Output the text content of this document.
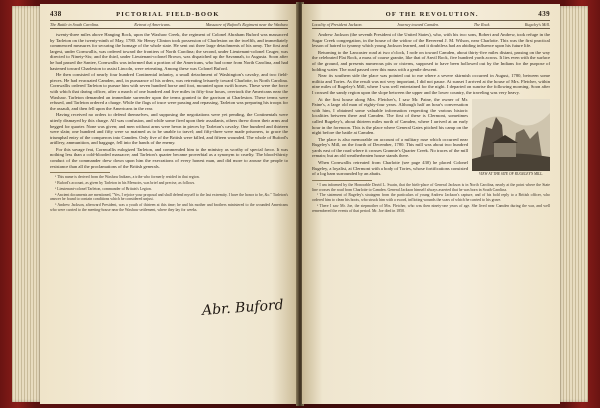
438	PICTORIAL FIELD-BOOK
The Battle in South Carolina.	Retreat of Americans.	Massacre of Buford's Regiment near the Waxhaw

twenty-three miles above Hanging Rock, upon the Waxhaw Creek, the regiment of Colonel Abraham Buford was massacred by Tarleton on the twenty-ninth of May, 1780. Sir Henry Clinton took possession of Charleston on the twelfth, and immediately commenced measures for securing the homage of the whole state. He sent out three large detachments of his army. The first and largest, under Cornwallis, was ordered toward the frontiers of North Carolina; the second, under Lieutenant-colonel Cruger, was directed to Ninety-Six; and the third, under Lieutenant-colonel Brown, was dispatched up the Savannah, to Augusta. Soon after he had passed the Santee, Cornwallis was informed that a portion of the Americans, who had come from North Carolina, and had hastened toward Charleston to assist Lincoln, were retreating. Among these was Colonel Buford.

He then consisted of nearly four hundred Continental infantry, a small detachment of Washington's cavalry, and two field-pieces. He had evacuated Camden, and, in pursuance of his orders, was retreating leisurely toward Charlotte, in North Carolina. Cornwallis ordered Tarleton to pursue him with seven hundred horse and foot, mounted upon swift horses. These were the force with which that daring officer, after a march of one hundred and five miles in fifty-four hours, overtook the Americans near the Waxhaw. Tarleton demanded an immediate surrender upon the terms granted to the garrison at Charleston. These terms were refused, and Tarleton ordered a charge. While the flags of truce were passing and repassing, Tarleton was preparing his troops for the assault, and then fell upon the Americans in the rear.

Having received no orders to defend themselves, and supposing the negotiations were yet pending, the Continentals were utterly dismayed by this charge. All was confusion, and while some fired upon their assailants, others threw down their arms and begged for quarter. None was given; and men without arms were hewn in pieces by Tarleton's cavalry. One hundred and thirteen were slain; one hundred and fifty were so maimed as to be unable to travel; and fifty-three were made prisoners, to grace the triumphal entry of the conquerors into Camden. Only five of the British were killed, and fifteen wounded. The whole of Buford's artillery, ammunition, and baggage, fell into the hands of the enemy.

For this savage feat, Cornwallis eulogized Tarleton, and commended him to the ministry as worthy of special favor. It was nothing less than a cold-blooded massacre; and Tarleton's quarter became proverbial as a synonym to cruelty. The blood-thirsty conduct of the commander drew down upon him the execrations of every honest man, and did more to arouse the people to resistance than all the proclamations of the British generals.

¹ This name is derived from the Waxhaw Indians, a tribe who formerly resided in that region.

² Buford's account, as given by Tarleton in his Memoirs, was brief and precise, as follows.

³ Lieutenant-colonel Tarleton, commander of Britain's Legion.

⁴ Ancient documents are mentioned, "Yes, I rejoice your proposal and shall defend myself to the last extremity. I have the honor to be, &c." Tarleton's answer he found to contain conditions which he considered unjust.

⁵ Andrew Jackson, afterward President, was a youth of thirteen at this time; he and his mother and brothers ministered to the wounded Americans who were carried to the meeting-house near the Waxhaw settlement, where they lay for weeks.

Abr. Buford
OF THE REVOLUTION.	439
Locality of President Jackson.	Journey toward Camden.	The Rock.	Rugeley's Mill.

Andrew Jackson (the seventh President of the United States), who, with his two sons, Robert and Andrew, took refuge in the Sugar Creek congregation, in the house of the widow of the Reverend J. M. Wilson, near Charlotte. This was the first practical lesson of hatred to tyranny which young Jackson learned, and it doubtless had an abiding influence upon his future life.

Returning to the Lancaster road at two o'clock, I rode on toward Camden, about thirty-five miles distant, passing on the way the celebrated Flat Rock, a mass of coarse granite, like that of Anvil Rock, five hundred yards across. It lies even with the surface of the ground, and presents numerous pits or cisterns, supposed to have been hollowed out by the Indians for the purpose of holding water. The road passed over this mass with a gentle descent.

Near its southern side the place was pointed out to me where a severe skirmish occurred in August, 1780, between some militia and Tories. As the result was not very important, I did not pause. At sunset I arrived at the house of Mrs. Fletcher, within nine miles of Rugeley's Mill, where I was well entertained for the night. I departed on sunrise the following morning. Soon after I crossed the sandy region upon the slope between the upper and the lower country, the traveling was very heavy.

VIEW AT THE SITE OF RUGELEY'S MILL.

At the first house along Mrs. Fletcher's, I saw Mr. Paine, the owner of Mr. Paine's, a large old man of eighty-four years. Although half an hour's conversation with him, I obtained some valuable information respecting the various historic localities between there and Camden. The first of these is Clermont, sometimes called Rugeley's, about thirteen miles north of Camden, where I arrived at an early hour in the forenoon. This is the place where General Gates pitched his camp on the night before the battle at Camden.

The place is also memorable on account of a military ruse which occurred near Rugeley's Mill, on the fourth of December, 1780. This mill was about two hundred yards east of the road where it crosses Grannie's Quarter Creek. No traces of the mill remain; but an old weatherbeaten house stands there.

When Cornwallis retreated from Charlotte (see page 430) he placed Colonel Rugeley, a loyalist, at Clermont with a body of Tories, whose fortifications consisted of a log barn surrounded by an abatis.

¹ I am informed by the Honorable David L. Swain, that the birth-place of General Jackson is in North Carolina, nearly at the point where the State line crosses the road from Charlotte to Camden. General Jackson himself always asserted that he was born in South Carolina.

² The statement of Rugeley's stratagem from the particulars of young Andrew Jackson's capture, and of his bold reply to a British officer, who ordered him to clean his boots, who struck him with a sword, inflicting wounds the scars of which he carried to his grave.

³ There I saw Mr. Joe, the stepmother of Mrs. Fletcher, who was then ninety-one years of age. She lived near Camden during the war, and well remembered the events of that period. Mr. Joe died in 1850.
